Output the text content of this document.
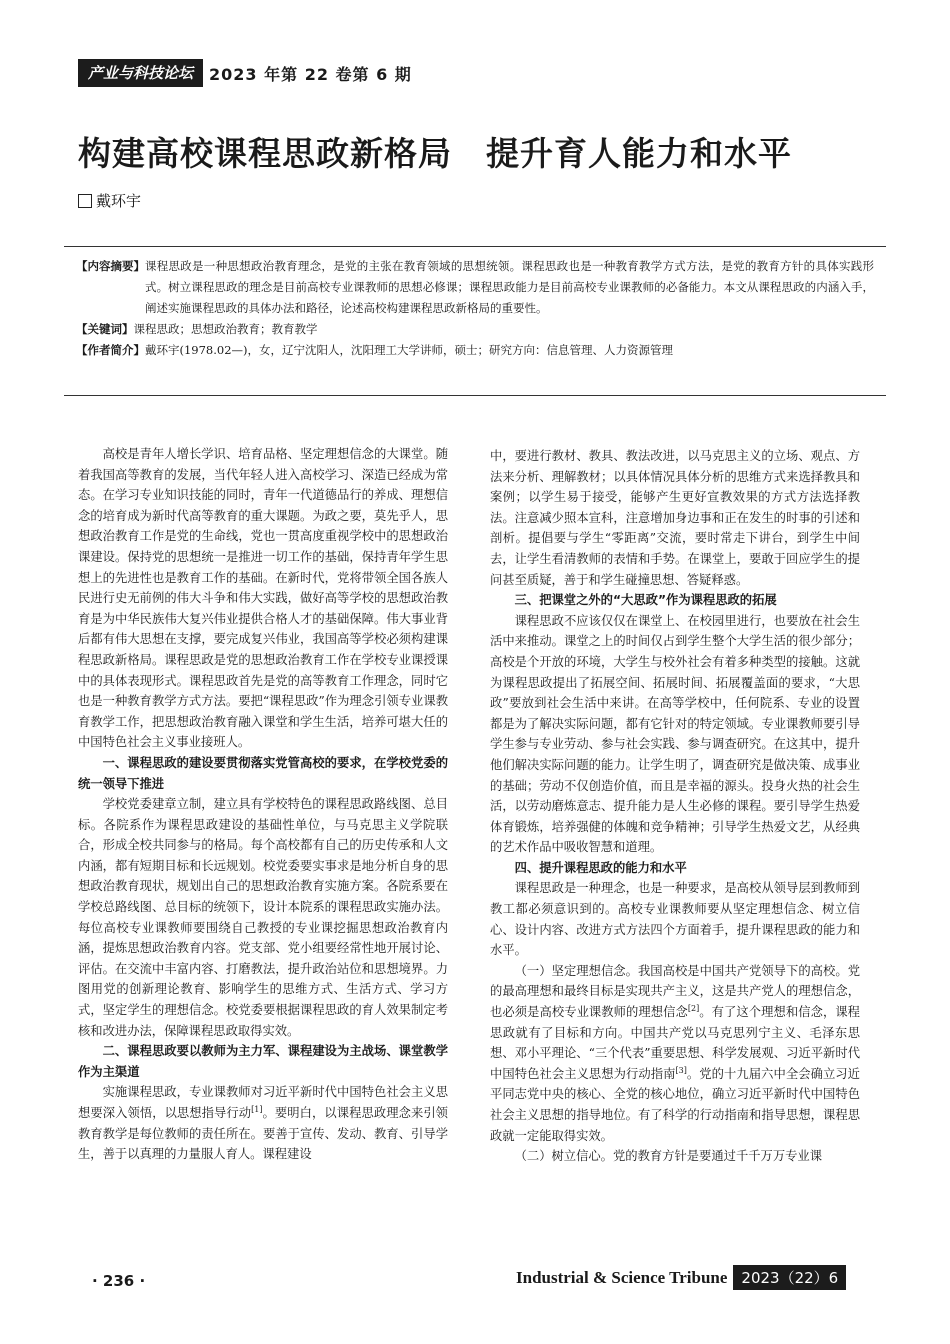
产业与科技论坛	2023 年第 22 卷第 6 期
构建高校课程思政新格局 提升育人能力和水平
戴环宇
【内容摘要】 课程思政是一种思想政治教育理念，是党的主张在教育领域的思想统领。课程思政也是一种教育教学方式方法，是党的教育方针的具体实践形式。树立课程思政的理念是目前高校专业课教师的思想必修课；课程思政能力是目前高校专业课教师的必备能力。本文从课程思政的内涵入手，阐述实施课程思政的具体办法和路径，论述高校构建课程思政新格局的重要性。
【关键词】 课程思政；思想政治教育；教育教学
【作者简介】 戴环宇(1978.02—)，女，辽宁沈阳人，沈阳理工大学讲师，硕士；研究方向：信息管理、人力资源管理

高校是青年人增长学识、培育品格、坚定理想信念的大课堂。随着我国高等教育的发展，当代年轻人进入高校学习、深造已经成为常态。在学习专业知识技能的同时，青年一代道德品行的养成、理想信念的培育成为新时代高等教育的重大课题。为政之要，莫先乎人，思想政治教育工作是党的生命线，党也一贯高度重视学校中的思想政治课建设。保持党的思想统一是推进一切工作的基础，保持青年学生思想上的先进性也是教育工作的基础。在新时代，党将带领全国各族人民进行史无前例的伟大斗争和伟大实践，做好高等学校的思想政治教育是为中华民族伟大复兴伟业提供合格人才的基础保障。伟大事业背后都有伟大思想在支撑，要完成复兴伟业，我国高等学校必须构建课程思政新格局。课程思政是党的思想政治教育工作在学校专业课授课中的具体表现形式。课程思政首先是党的高等教育工作理念，同时它也是一种教育教学方式方法。要把“课程思政”作为理念引领专业课教育教学工作，把思想政治教育融入课堂和学生生活，培养可堪大任的中国特色社会主义事业接班人。

一、课程思政的建设要贯彻落实党管高校的要求，在学校党委的统一领导下推进

学校党委建章立制，建立具有学校特色的课程思政路线图、总目标。各院系作为课程思政建设的基础性单位，与马克思主义学院联合，形成全校共同参与的格局。每个高校都有自己的历史传承和人文内涵，都有短期目标和长远规划。校党委要实事求是地分析自身的思想政治教育现状，规划出自己的思想政治教育实施方案。各院系要在学校总路线图、总目标的统领下，设计本院系的课程思政实施办法。每位高校专业课教师要围绕自己教授的专业课挖掘思想政治教育内涵，提炼思想政治教育内容。党支部、党小组要经常性地开展讨论、评估。在交流中丰富内容、打磨教法，提升政治站位和思想境界。力图用党的创新理论教育、影响学生的思维方式、生活方式、学习方式，坚定学生的理想信念。校党委要根据课程思政的育人效果制定考核和改进办法，保障课程思政取得实效。

二、课程思政要以教师为主力军、课程建设为主战场、课堂教学作为主渠道

实施课程思政，专业课教师对习近平新时代中国特色社会主义思想要深入领悟，以思想指导行动[1]。要明白，以课程思政理念来引领教育教学是每位教师的责任所在。要善于宣传、发动、教育、引导学生，善于以真理的力量服人育人。课程建设

中，要进行教材、教具、教法改进，以马克思主义的立场、观点、方法来分析、理解教材；以具体情况具体分析的思维方式来选择教具和案例；以学生易于接受，能够产生更好宣教效果的方式方法选择教法。注意减少照本宣科，注意增加身边事和正在发生的时事的引述和剖析。提倡要与学生“零距离”交流，要时常走下讲台，到学生中间去，让学生看清教师的表情和手势。在课堂上，要敢于回应学生的提问甚至质疑，善于和学生碰撞思想、答疑释惑。

三、把课堂之外的“大思政”作为课程思政的拓展

课程思政不应该仅仅在课堂上、在校园里进行，也要放在社会生活中来推动。课堂之上的时间仅占到学生整个大学生活的很少部分；高校是个开放的环境，大学生与校外社会有着多种类型的接触。这就为课程思政提出了拓展空间、拓展时间、拓展覆盖面的要求，“大思政”要放到社会生活中来讲。在高等学校中，任何院系、专业的设置都是为了解决实际问题，都有它针对的特定领域。专业课教师要引导学生参与专业劳动、参与社会实践、参与调查研究。在这其中，提升他们解决实际问题的能力。让学生明了，调查研究是做决策、成事业的基础；劳动不仅创造价值，而且是幸福的源头。投身火热的社会生活，以劳动磨炼意志、提升能力是人生必修的课程。要引导学生热爱体育锻炼，培养强健的体魄和竞争精神；引导学生热爱文艺，从经典的艺术作品中吸收智慧和道理。

四、提升课程思政的能力和水平

课程思政是一种理念，也是一种要求，是高校从领导层到教师到教工都必须意识到的。高校专业课教师要从坚定理想信念、树立信心、设计内容、改进方式方法四个方面着手，提升课程思政的能力和水平。

（一）坚定理想信念。我国高校是中国共产党领导下的高校。党的最高理想和最终目标是实现共产主义，这是共产党人的理想信念，也必须是高校专业课教师的理想信念[2]。有了这个理想和信念，课程思政就有了目标和方向。中国共产党以马克思列宁主义、毛泽东思想、邓小平理论、“三个代表”重要思想、科学发展观、习近平新时代中国特色社会主义思想为行动指南[3]。党的十九届六中全会确立习近平同志党中央的核心、全党的核心地位，确立习近平新时代中国特色社会主义思想的指导地位。有了科学的行动指南和指导思想，课程思政就一定能取得实效。

（二）树立信心。党的教育方针是要通过千千万万专业课

· 236 ·	Industrial & Science Tribune 2023（22）6
